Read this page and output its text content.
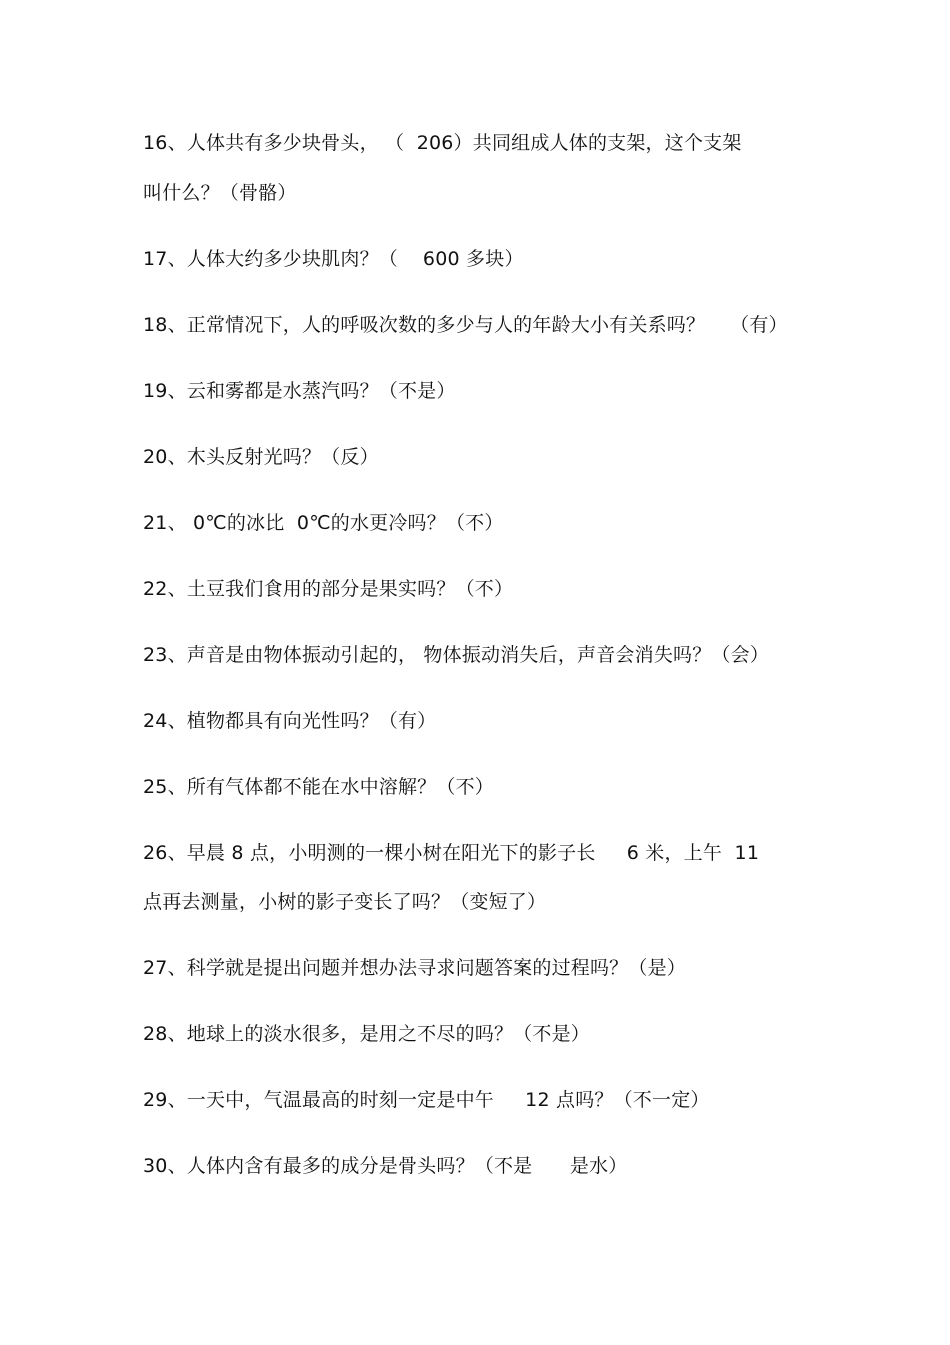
16、人体共有多少块骨头， （  206）共同组成人体的支架，这个支架
叫什么？（骨骼）
17、人体大约多少块肌肉？（    600 多块）
18、正常情况下，人的呼吸次数的多少与人的年龄大小有关系吗？    （有）
19、云和雾都是水蒸汽吗？（不是）
20、木头反射光吗？（反）
21、 0℃的冰比  0℃的水更冷吗？（不）
22、土豆我们食用的部分是果实吗？（不）
23、声音是由物体振动引起的， 物体振动消失后，声音会消失吗？（会）
24、植物都具有向光性吗？（有）
25、所有气体都不能在水中溶解？（不）
26、早晨 8 点，小明测的一棵小树在阳光下的影子长     6 米，上午  11
点再去测量，小树的影子变长了吗？（变短了）
27、科学就是提出问题并想办法寻求问题答案的过程吗？（是）
28、地球上的淡水很多，是用之不尽的吗？（不是）
29、一天中，气温最高的时刻一定是中午     12 点吗？（不一定）
30、人体内含有最多的成分是骨头吗？（不是      是水）
